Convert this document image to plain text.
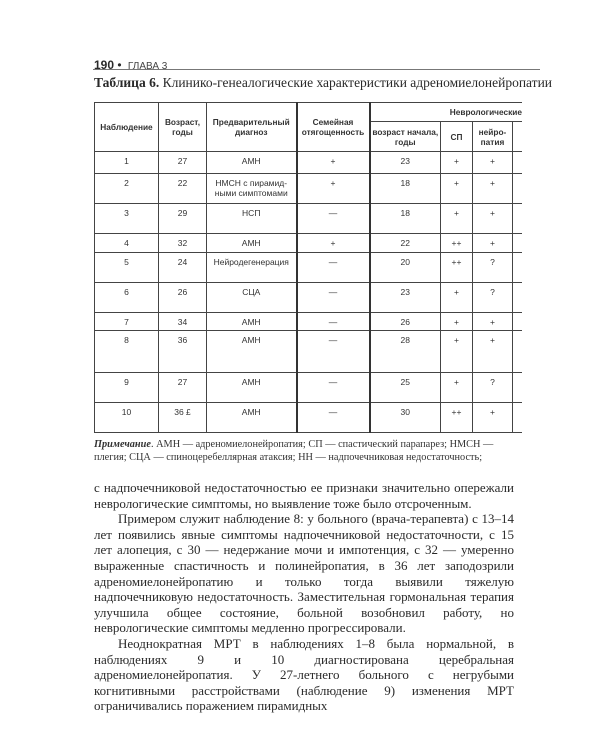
190 • ГЛАВА 3
Таблица 6. Клинико-генеалогические характеристики адреномиелонейропатии
Наблюдение	Возраст, годы	Предварительный диагноз	Семейная отягощенность	Неврологические			
				возраст начала, годы	СП	нейро-патия	
1	27	АМН	+	23	+	+	
2	22	НМСН с пирамид-ными симптомами	+	18	+	+	
3	29	НСП	—	18	+	+	
4	32	АМН	+	22	++	+	
5	24	Нейродегенерация	—	20	++	?	
6	26	СЦА	—	23	+	?	
7	34	АМН	—	26	+	+	
8	36	АМН	—	28	+	+	
9	27	АМН	—	25	+	?	
10	36 £	АМН	—	30	++	+	
Примечание. АМН — адреномиелонейропатия; СП — спастический парапарез; НМСН — плегия; СЦА — спиноцеребеллярная атаксия; НН — надпочечниковая недостаточность;

с надпочечниковой недостаточностью ее признаки значительно опережали неврологические симптомы, но выявление тоже было отсроченным.

Примером служит наблюдение 8: у больного (врача-терапевта) с 13–14 лет появились явные симптомы надпочечниковой недостаточности, с 15 лет алопеция, с 30 — недержание мочи и импотенция, с 32 — умеренно выраженные спастичность и полинейропатия, в 36 лет заподозрили адреномиелонейропатию и только тогда выявили тяжелую надпочечниковую недостаточность. Заместительная гормональная терапия улучшила общее состояние, больной возобновил работу, но неврологические симптомы медленно прогрессировали.

Неоднократная МРТ в наблюдениях 1–8 была нормальной, в наблюдениях 9 и 10 диагностирована церебральная адреномиелонейропатия. У 27-летнего больного с негрубыми когнитивными расстройствами (наблюдение 9) изменения МРТ ограничивались поражением пирамидных
